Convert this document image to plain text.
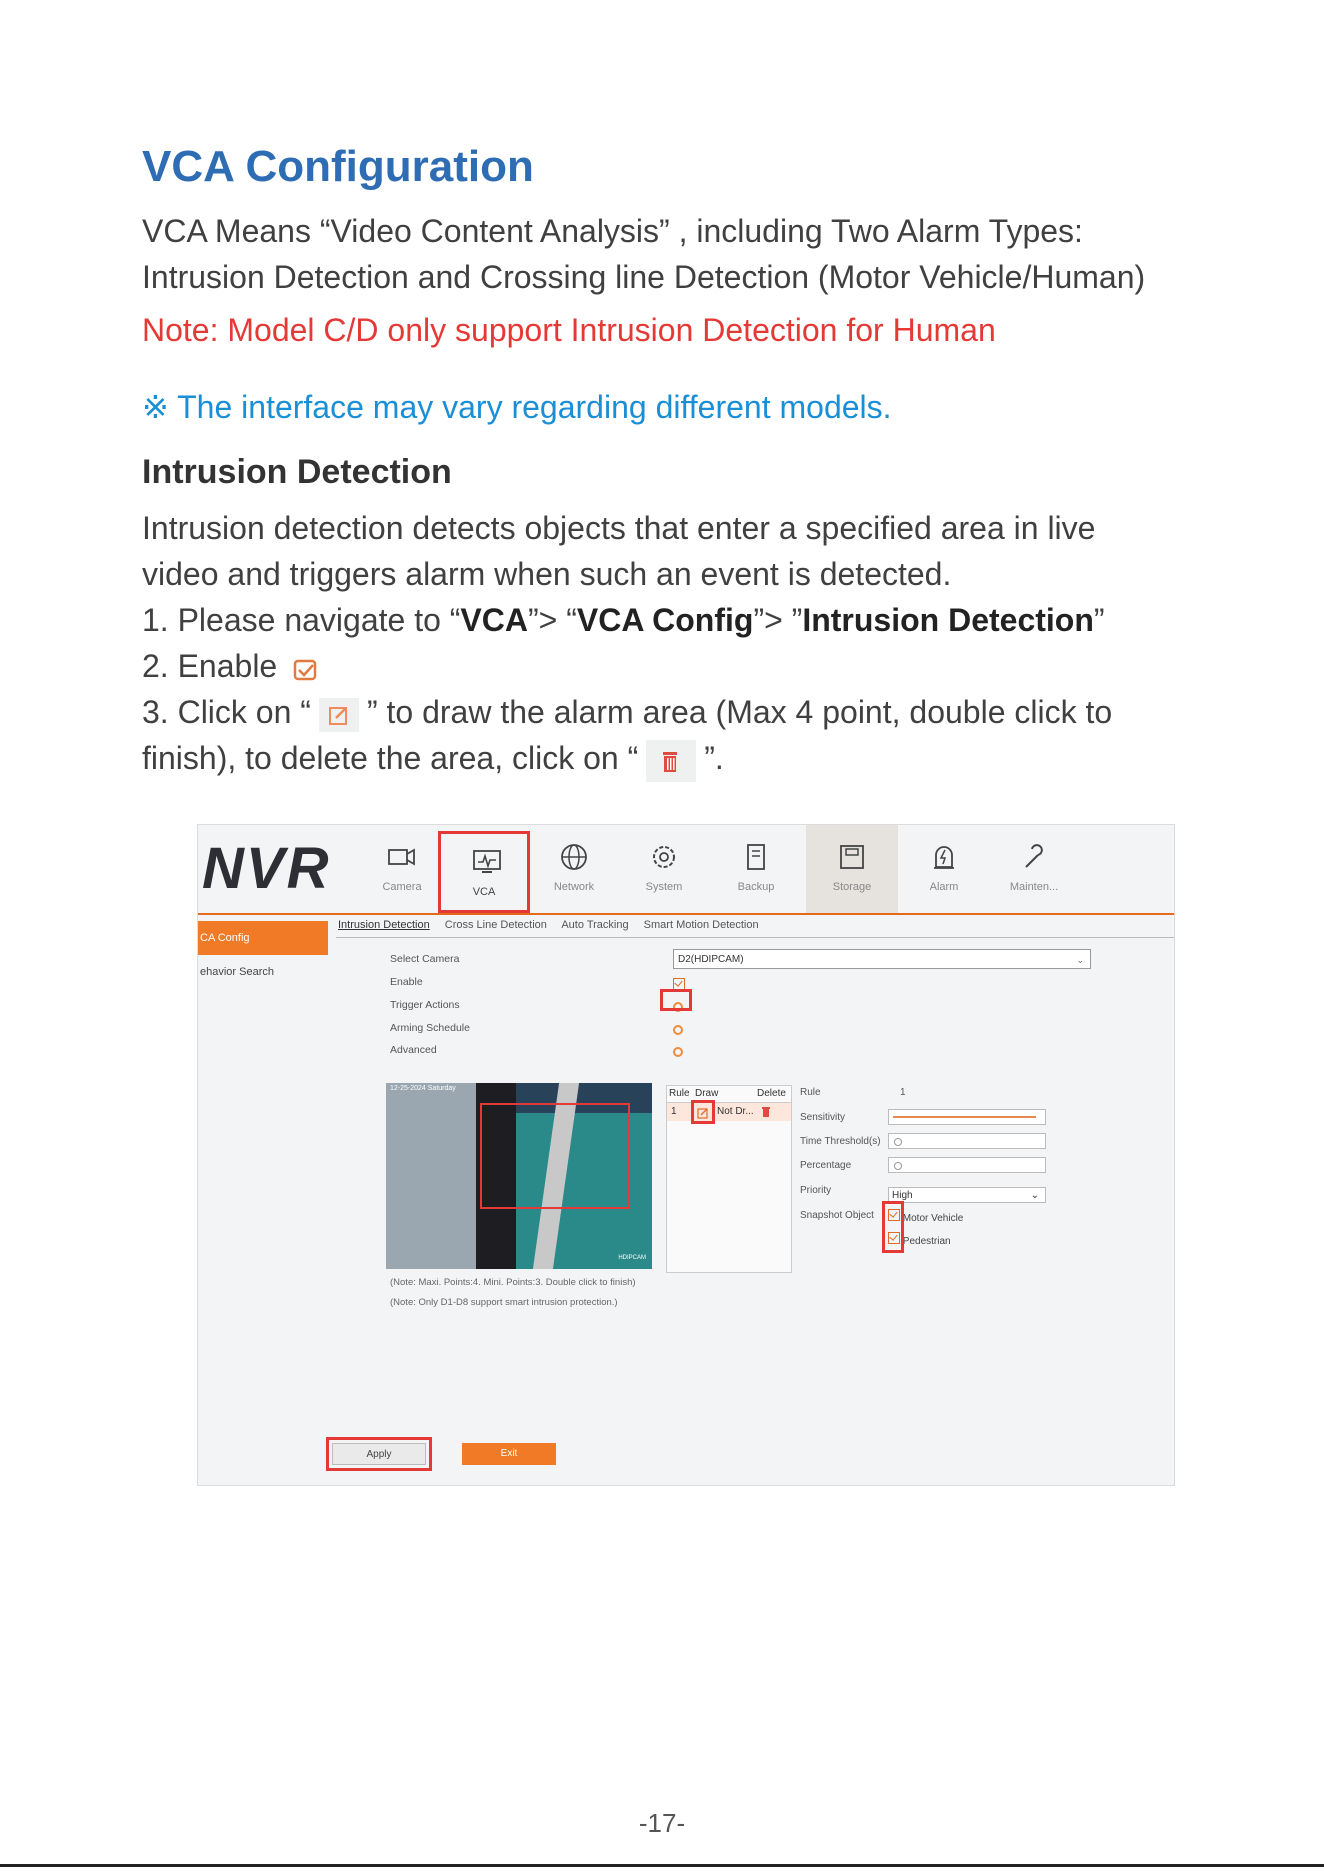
VCA Configuration
VCA Means “Video Content Analysis” , including Two Alarm Types:
Intrusion Detection and Crossing line Detection (Motor Vehicle/Human)
Note: Model C/D only support Intrusion Detection for Human
※ The interface may vary regarding different models.
Intrusion Detection
Intrusion detection detects objects that enter a specified area in live
video and triggers alarm when such an event is detected.
1. Please navigate to “VCA”> “VCA Config”> ”Intrusion Detection”
2. Enable
3. Click on “ ” to draw the alarm area (Max 4 point, double click to
finish), to delete the area, click on “ ”.
NVR	Camera	VCA	Network	System	Backup	Storage	Alarm	Mainten...
CA Config
ehavior Search
Intrusion Detection Cross Line Detection Auto Tracking Smart Motion Detection
Select Camera	D2(HDIPCAM)	⌄
Enable
Trigger Actions
Arming Schedule
Advanced
12-25-2024 Saturday
HDIPCAM
Rule Draw	Delete
1	Not Dr...
Rule	1
Sensitivity
Time Threshold(s)
Percentage
Priority	High	⌄
Snapshot Object	Motor Vehicle
Pedestrian
(Note: Maxi. Points:4. Mini. Points:3. Double click to finish)
(Note: Only D1-D8 support smart intrusion protection.)
Apply	Exit
-17-
